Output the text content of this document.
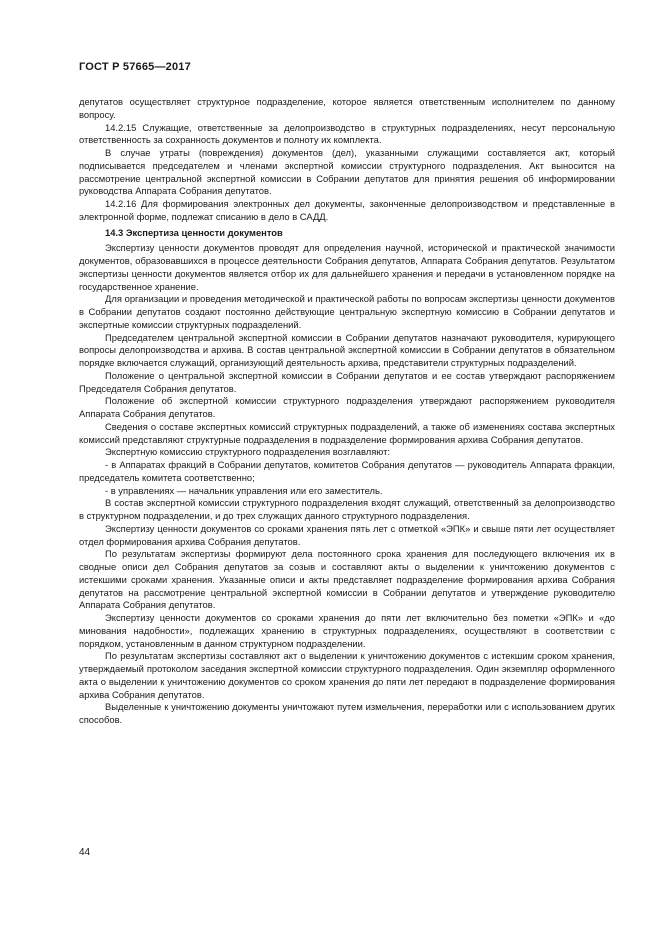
ГОСТ Р 57665—2017

депутатов осуществляет структурное подразделение, которое является ответственным исполнителем по данному вопросу.

14.2.15 Служащие, ответственные за делопроизводство в структурных подразделениях, несут персональную ответственность за сохранность документов и полноту их комплекта.

В случае утраты (повреждения) документов (дел), указанными служащими составляется акт, который подписывается председателем и членами экспертной комиссии структурного подразделения. Акт выносится на рассмотрение центральной экспертной комиссии в Собрании депутатов для принятия решения об информировании руководства Аппарата Собрания депутатов.

14.2.16 Для формирования электронных дел документы, законченные делопроизводством и представленные в электронной форме, подлежат списанию в дело в САДД.

14.3 Экспертиза ценности документов

Экспертизу ценности документов проводят для определения научной, исторической и практической значимости документов, образовавшихся в процессе деятельности Собрания депутатов, Аппарата Собрания депутатов. Результатом экспертизы ценности документов является отбор их для дальнейшего хранения и передачи в установленном порядке на государственное хранение.

Для организации и проведения методической и практической работы по вопросам экспертизы ценности документов в Собрании депутатов создают постоянно действующие центральную экспертную комиссию в Собрании депутатов и экспертные комиссии структурных подразделений.

Председателем центральной экспертной комиссии в Собрании депутатов назначают руководителя, курирующего вопросы делопроизводства и архива. В состав центральной экспертной комиссии в Собрании депутатов в обязательном порядке включается служащий, организующий деятельность архива, представители структурных подразделений.

Положение о центральной экспертной комиссии в Собрании депутатов и ее состав утверждают распоряжением Председателя Собрания депутатов.

Положение об экспертной комиссии структурного подразделения утверждают распоряжением руководителя Аппарата Собрания депутатов.

Сведения о составе экспертных комиссий структурных подразделений, а также об изменениях состава экспертных комиссий представляют структурные подразделения в подразделение формирования архива Собрания депутатов.

Экспертную комиссию структурного подразделения возглавляют:

- в Аппаратах фракций в Собрании депутатов, комитетов Собрания депутатов — руководитель Аппарата фракции, председатель комитета соответственно;

- в управлениях — начальник управления или его заместитель.

В состав экспертной комиссии структурного подразделения входят служащий, ответственный за делопроизводство в структурном подразделении, и до трех служащих данного структурного подразделения.

Экспертизу ценности документов со сроками хранения пять лет с отметкой «ЭПК» и свыше пяти лет осуществляет отдел формирования архива Собрания депутатов.

По результатам экспертизы формируют дела постоянного срока хранения для последующего включения их в сводные описи дел Собрания депутатов за созыв и составляют акты о выделении к уничтожению документов с истекшими сроками хранения. Указанные описи и акты представляет подразделение формирования архива Собрания депутатов на рассмотрение центральной экспертной комиссии в Собрании депутатов и утверждение руководителю Аппарата Собрания депутатов.

Экспертизу ценности документов со сроками хранения до пяти лет включительно без пометки «ЭПК» и «до минования надобности», подлежащих хранению в структурных подразделениях, осуществляют в соответствии с порядком, установленным в данном структурном подразделении.

По результатам экспертизы составляют акт о выделении к уничтожению документов с истекшим сроком хранения, утверждаемый протоколом заседания экспертной комиссии структурного подразделения. Один экземпляр оформленного акта о выделении к уничтожению документов со сроком хранения до пяти лет передают в подразделение формирования архива Собрания депутатов.

Выделенные к уничтожению документы уничтожают путем измельчения, переработки или с использованием других способов.

44
